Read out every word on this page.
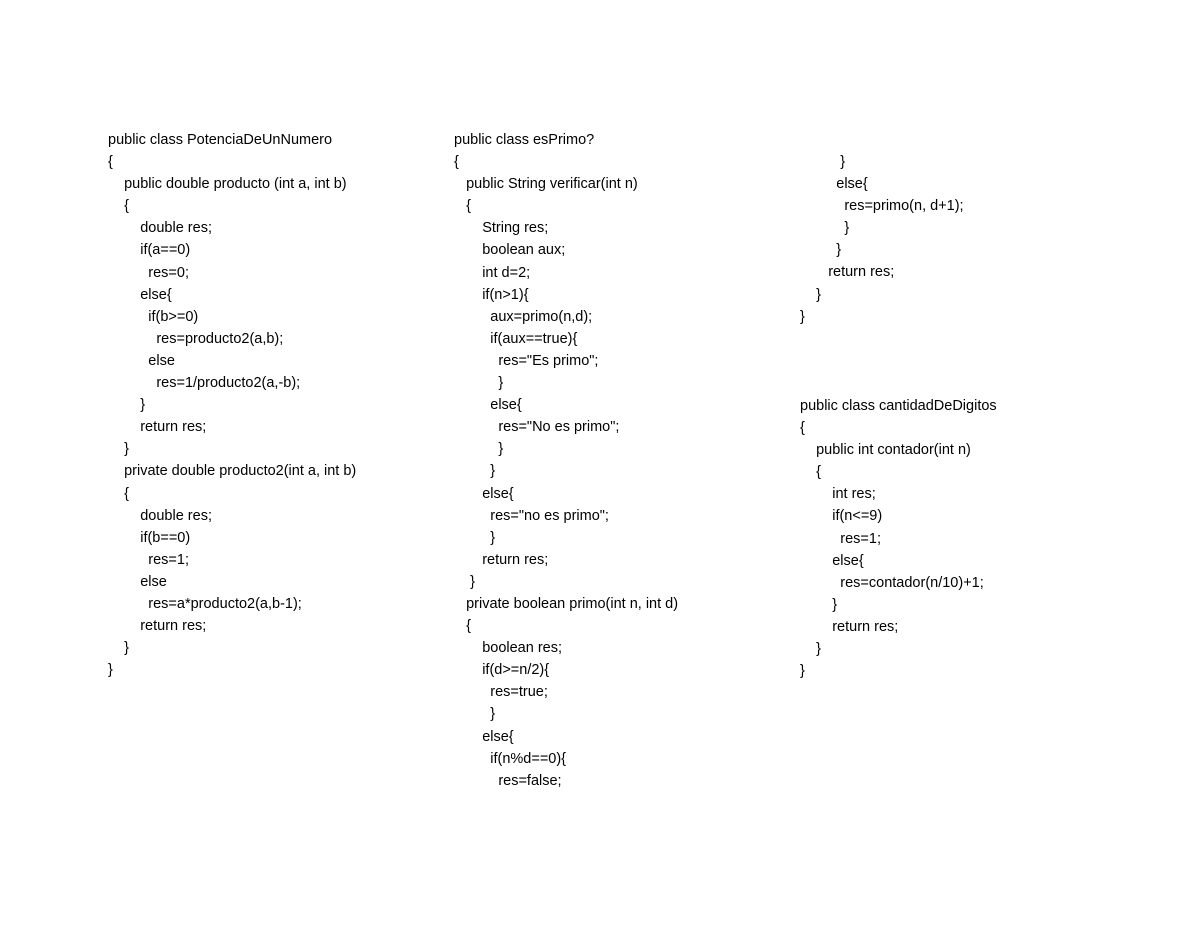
public class PotenciaDeUnNumero
{
public double producto (int a, int b)
{
double res;
if(a==0)
res=0;
else{
if(b>=0)
res=producto2(a,b);
else
res=1/producto2(a,-b);
}
return res;
}
private double producto2(int a, int b)
{
double res;
if(b==0)
res=1;
else
res=a*producto2(a,b-1);
return res;
}
}
public class esPrimo?
{
public String verificar(int n)
{
String res;
boolean aux;
int d=2;
if(n>1){
aux=primo(n,d);
if(aux==true){
res="Es primo";
}
else{
res="No es primo";
}
}
else{
res="no es primo";
}
return res;
}
private boolean primo(int n, int d)
{
boolean res;
if(d>=n/2){
res=true;
}
else{
if(n%d==0){
res=false;
}
else{
res=primo(n, d+1);
}
}
return res;
}
}
public class cantidadDeDigitos
{
public int contador(int n)
{
int res;
if(n<=9)
res=1;
else{
res=contador(n/10)+1;
}
return res;
}
}
